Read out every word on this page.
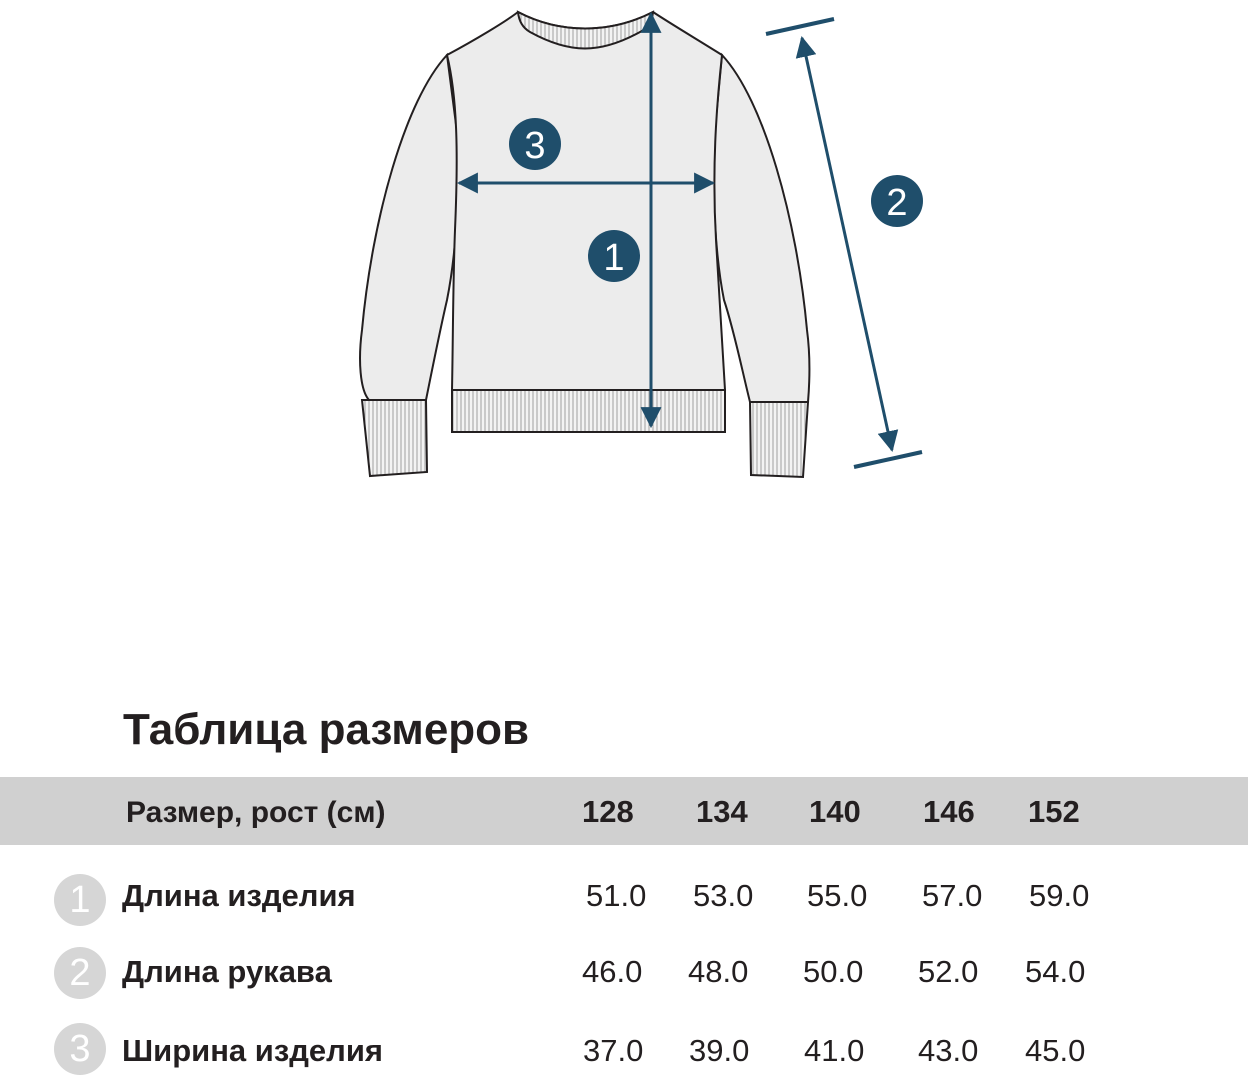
3
1
2
Таблица размеров
Размер, рост (см)	128 134 140 146 152
1	Длина изделия	51.0 53.0 55.0 57.0 59.0
2	Длина рукава	46.0 48.0 50.0 52.0 54.0
3	Ширина изделия	37.0 39.0 41.0 43.0 45.0
